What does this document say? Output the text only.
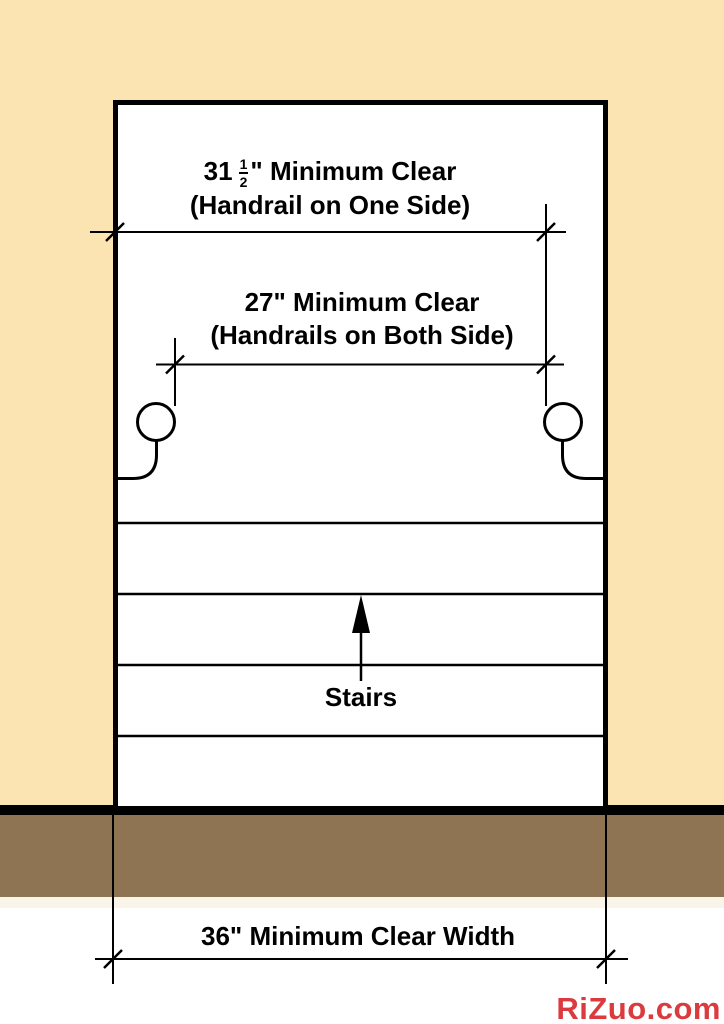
$31 \frac{1}{2}$ " Minimum Clear
(Handrail on One Side)
27" Minimum Clear
(Handrails on Both Side)
Stairs
36" Minimum Clear Width
RiZuo.com
